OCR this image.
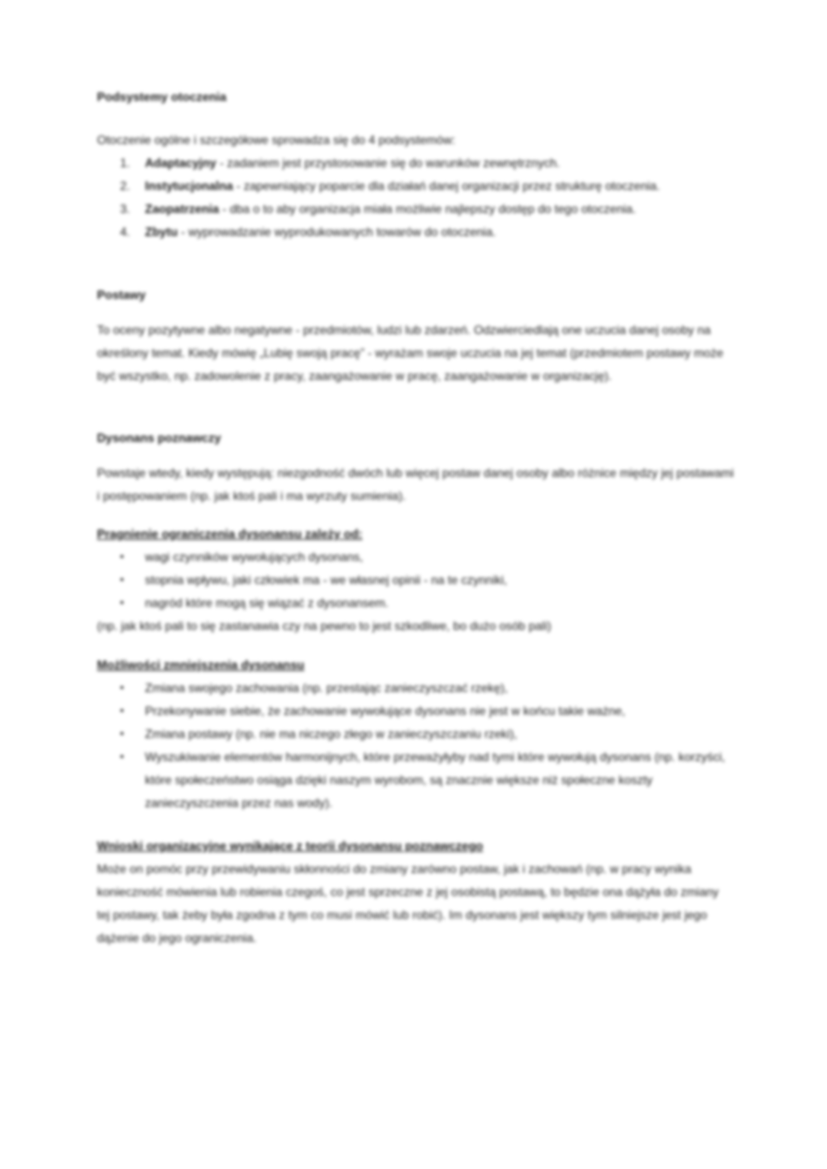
Podsystemy otoczenia

Otoczenie ogólne i szczegółowe sprowadza się do 4 podsystemów:

1. Adaptacyjny - zadaniem jest przystosowanie się do warunków zewnętrznych.
2. Instytucjonalna - zapewniający poparcie dla działań danej organizacji przez strukturę otoczenia.
3. Zaopatrzenia - dba o to aby organizacja miała możliwie najlepszy dostęp do tego otoczenia.
4. Zbytu - wyprowadzanie wyprodukowanych towarów do otoczenia.
Postawy

To oceny pozytywne albo negatywne - przedmiotów, ludzi lub zdarzeń. Odzwierciedlają one uczucia danej osoby na określony temat. Kiedy mówię „Lubię swoją pracę” - wyrażam swoje uczucia na jej temat (przedmiotem postawy może być wszystko, np. zadowolenie z pracy, zaangażowanie w pracę, zaangażowanie w organizację).

Dysonans poznawczy

Powstaje wtedy, kiedy występują: niezgodność dwóch lub więcej postaw danej osoby albo różnice między jej postawami i postępowaniem (np. jak ktoś pali i ma wyrzuty sumienia).

Pragnienie ograniczenia dysonansu zależy od:
• wagi czynników wywołujących dysonans,
• stopnia wpływu, jaki człowiek ma - we własnej opinii - na te czynniki,
• nagród które mogą się wiązać z dysonansem.

(np. jak ktoś pali to się zastanawia czy na pewno to jest szkodliwe, bo dużo osób pali)

Możliwości zmniejszenia dysonansu
• Zmiana swojego zachowania (np. przestając zanieczyszczać rzekę),
• Przekonywanie siebie, że zachowanie wywołujące dysonans nie jest w końcu takie ważne,
• Zmiana postawy (np. nie ma niczego złego w zanieczyszczaniu rzeki),
• Wyszukiwanie elementów harmonijnych, które przeważyłyby nad tymi które wywołują dysonans (np. korzyści, które społeczeństwo osiąga dzięki naszym wyrobom, są znacznie większe niż społeczne koszty zanieczyszczenia przez nas wody).
Wnioski organizacyjne wynikające z teorii dysonansu poznawczego

Może on pomóc przy przewidywaniu skłonności do zmiany zarówno postaw, jak i zachowań (np. w pracy wynika konieczność mówienia lub robienia czegoś, co jest sprzeczne z jej osobistą postawą, to będzie ona dążyła do zmiany tej postawy, tak żeby była zgodna z tym co musi mówić lub robić). Im dysonans jest większy tym silniejsze jest jego dążenie do jego ograniczenia.
